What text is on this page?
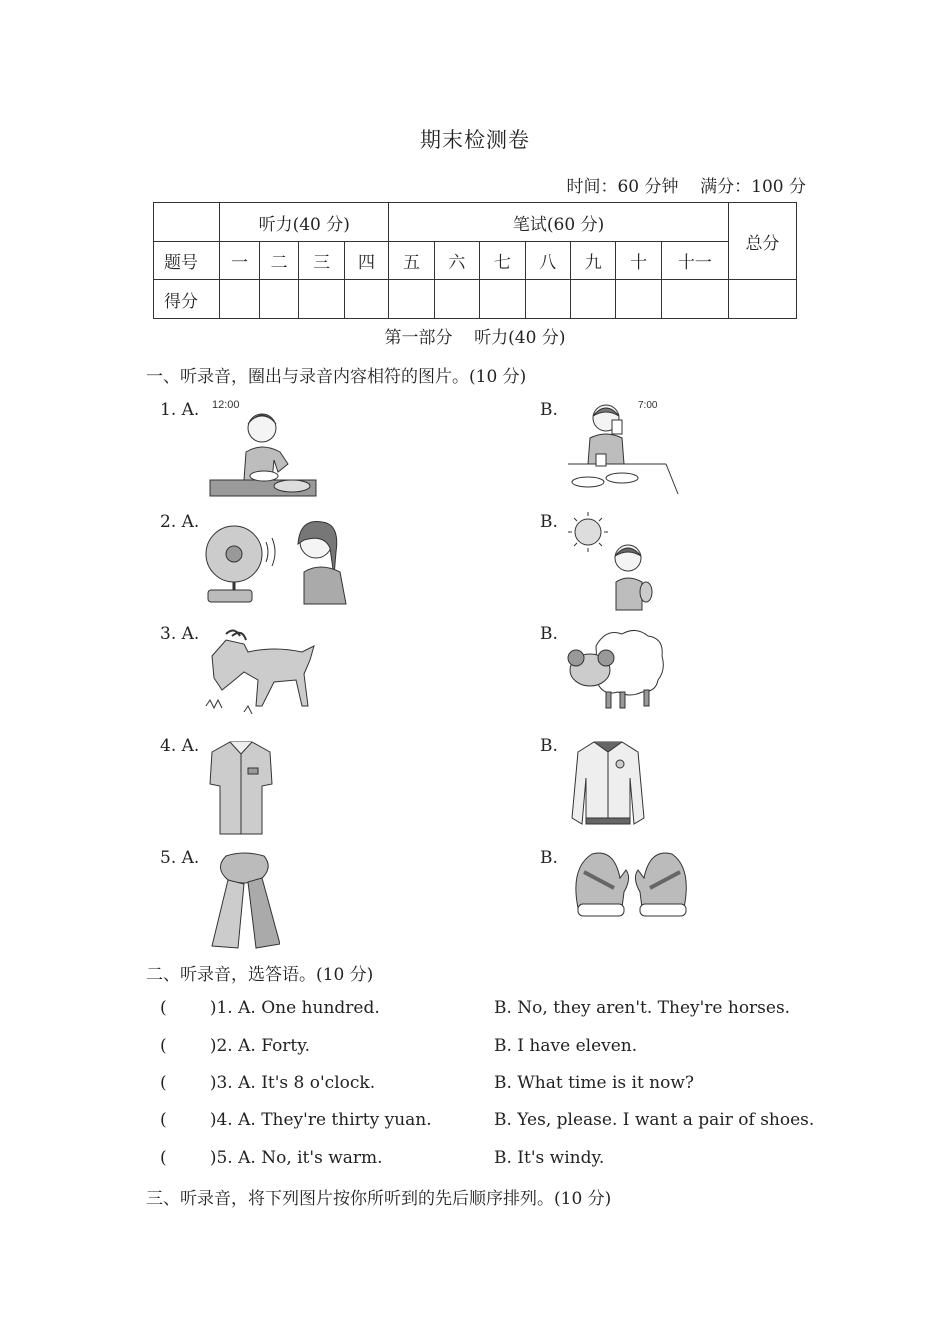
期末检测卷
时间：60 分钟    满分：100 分
	听力(40 分)				笔试(60 分)							总分
题号	一	二	三	四	五	六	七	八	九	十	十一	
得分												
第一部分    听力(40 分)
一、听录音，圈出与录音内容相符的图片。(10 分)
1. A.	B.
12:00	7:00
2. A.	B.
3. A.	B.
4. A.	B.
5. A.	B.
二、听录音，选答语。(10 分)
(        )1. A. One hundred.	B. No, they aren't. They're horses.
(        )2. A. Forty.	B. I have eleven.
(        )3. A. It's 8 o'clock.	B. What time is it now?
(        )4. A. They're thirty yuan.	B. Yes, please. I want a pair of shoes.
(        )5. A. No, it's warm.	B. It's windy.
三、听录音，将下列图片按你所听到的先后顺序排列。(10 分)
